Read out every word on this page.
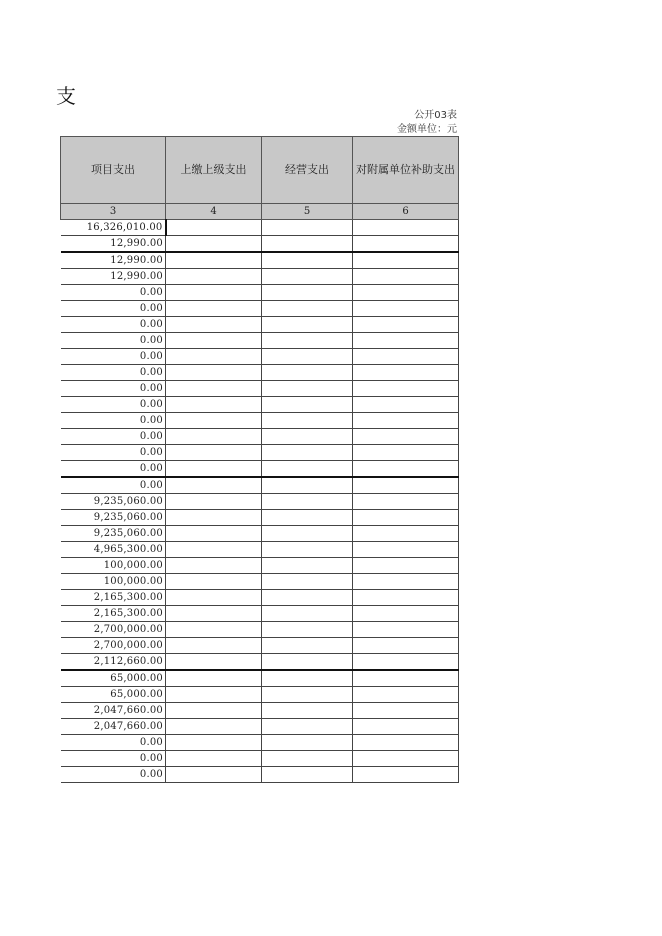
支
公开03表
金额单位：元
项目支出	上缴上级支出	经营支出	对附属单位补助支出
3	4	5	6
16,326,010.00			
12,990.00			
12,990.00			
12,990.00			
0.00			
0.00			
0.00			
0.00			
0.00			
0.00			
0.00			
0.00			
0.00			
0.00			
0.00			
0.00			
0.00			
9,235,060.00			
9,235,060.00			
9,235,060.00			
4,965,300.00			
100,000.00			
100,000.00			
2,165,300.00			
2,165,300.00			
2,700,000.00			
2,700,000.00			
2,112,660.00			
65,000.00			
65,000.00			
2,047,660.00			
2,047,660.00			
0.00			
0.00			
0.00			
